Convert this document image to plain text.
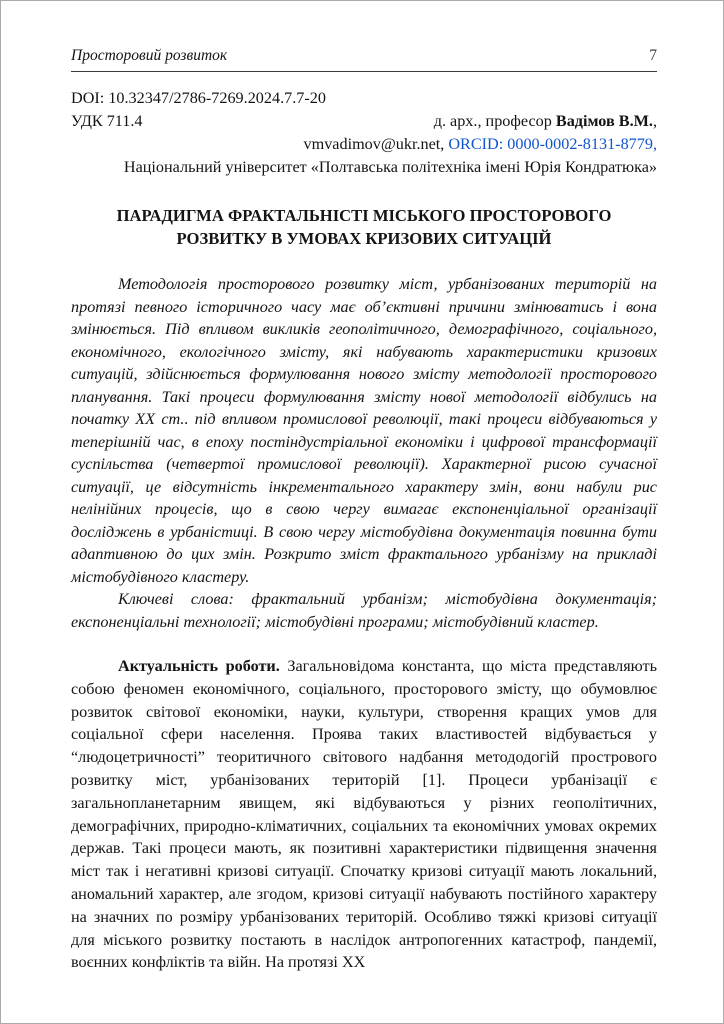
Просторовий розвиток	7
DOI: 10.32347/2786-7269.2024.7.7-20
УДК 711.4	д. арх., професор Вадімов В.М.,
vmvadimov@ukr.net, ORCID: 0000-0002-8131-8779,
Національний університет «Полтавська політехніка імені Юрія Кондратюка»
ПАРАДИГМА ФРАКТАЛЬНІСТІ МІСЬКОГО ПРОСТОРОВОГО
РОЗВИТКУ В УМОВАХ КРИЗОВИХ СИТУАЦІЙ

Методологія просторового розвитку міст, урбанізованих територій на протязі певного історичного часу має об’єктивні причини змінюватись і вона змінюється. Під впливом викликів геополітичного, демографічного, соціального, економічного, екологічного змісту, які набувають характеристики кризових ситуацій, здійснюється формулювання нового змісту методології просторового планування. Такі процеси формулювання змісту нової методології відбулись на початку XX ст.. під впливом промислової революції, такі процеси відбуваються у теперішній час, в епоху постіндустріальної економіки і цифрової трансформації суспільства (четвертої промислової революції). Характерної рисою сучасної ситуації, це відсутність інкрементального характеру змін, вони набули рис нелінійних процесів, що в свою чергу вимагає експоненціальної організації досліджень в урбаністиці. В свою чергу містобудівна документація повинна бути адаптивною до цих змін. Розкрито зміст фрактального урбанізму на прикладі містобудівного кластеру.

Ключеві слова: фрактальний урбанізм; містобудівна документація; експоненціальні технології; містобудівні програми; містобудівний кластер.

Актуальність роботи. Загальновідома константа, що міста представляють собою феномен економічного, соціального, просторового змісту, що обумовлює розвиток світової економіки, науки, культури, створення кращих умов для соціальної сфери населення. Проява таких властивостей відбувається у “людоцетричності” теоритичного світового надбання метододогій прострового розвитку міст, урбанізованих територій [1]. Процеси урбанізації є загальнопланетарним явищем, які відбуваються у різних геополітичних, демографічних, природно-кліматичних, соціальних та економічних умовах окремих держав. Такі процеси мають, як позитивні характеристики підвищення значення міст так і негативні кризові ситуації. Спочатку кризові ситуації мають локальний, аномальний характер, але згодом, кризові ситуації набувають постійного характеру на значних по розміру урбанізованих територій. Особливо тяжкі кризові ситуації для міського розвитку постають в наслідок антропогенних катастроф, пандемії, воєнних конфліктів та війн. На протязі XX
